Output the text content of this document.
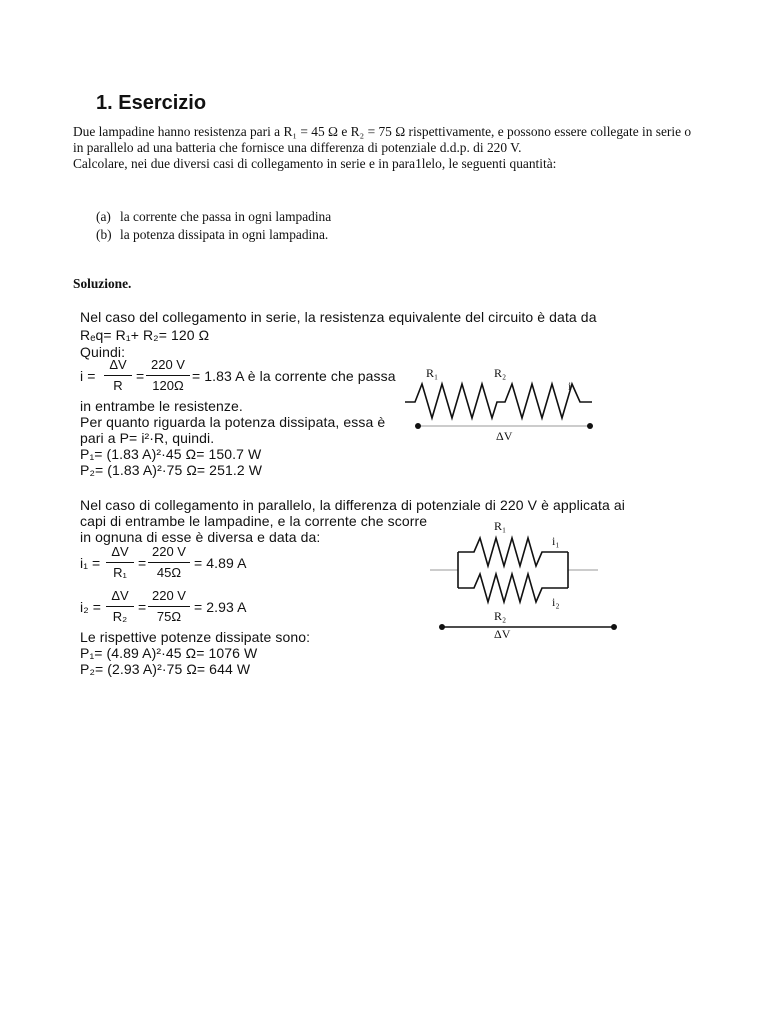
1. Esercizio

Due lampadine hanno resistenza pari a R₁ = 45 Ω e R₂ = 75 Ω rispettivamente, e possono essere collegate in serie o in parallelo ad una batteria che fornisce una differenza di potenziale d.d.p. di 220 V.

Calcolare, nei due diversi casi di collegamento in serie e in para1lelo, le seguenti quantità:

(a) la corrente che passa in ogni lampadina
(b) la potenza dissipata in ogni lampadina.
Soluzione.
Nel caso del collegamento in serie, la resistenza equivalente del circuito è data da
Rₑq= R₁+ R₂= 120 Ω
Quindi:
i =
ΔV
R
=
220 V
120Ω
= 1.83 A è la corrente che passa
in entrambe le resistenze.
Per quanto riguarda la potenza dissipata, essa è
pari a P= i²·R, quindi.
P₁= (1.83 A)²·45 Ω= 150.7 W
P₂= (1.83 A)²·75 Ω= 251.2 W
R₁	R₂
i
ΔV
Nel caso di collegamento in parallelo, la differenza di potenziale di 220 V è applicata ai
capi di entrambe le lampadine, e la corrente che scorre
in ognuna di esse è diversa e data da:
i₁ =
ΔV
R₁
=
220 V
45Ω
= 4.89 A
i₂ =
ΔV
R₂
=
220 V
75Ω
= 2.93 A
Le rispettive potenze dissipate sono:
P₁= (4.89 A)²·45 Ω= 1076 W
P₂= (2.93 A)²·75 Ω= 644 W
R₁
i₁
i₂
R₂
ΔV
